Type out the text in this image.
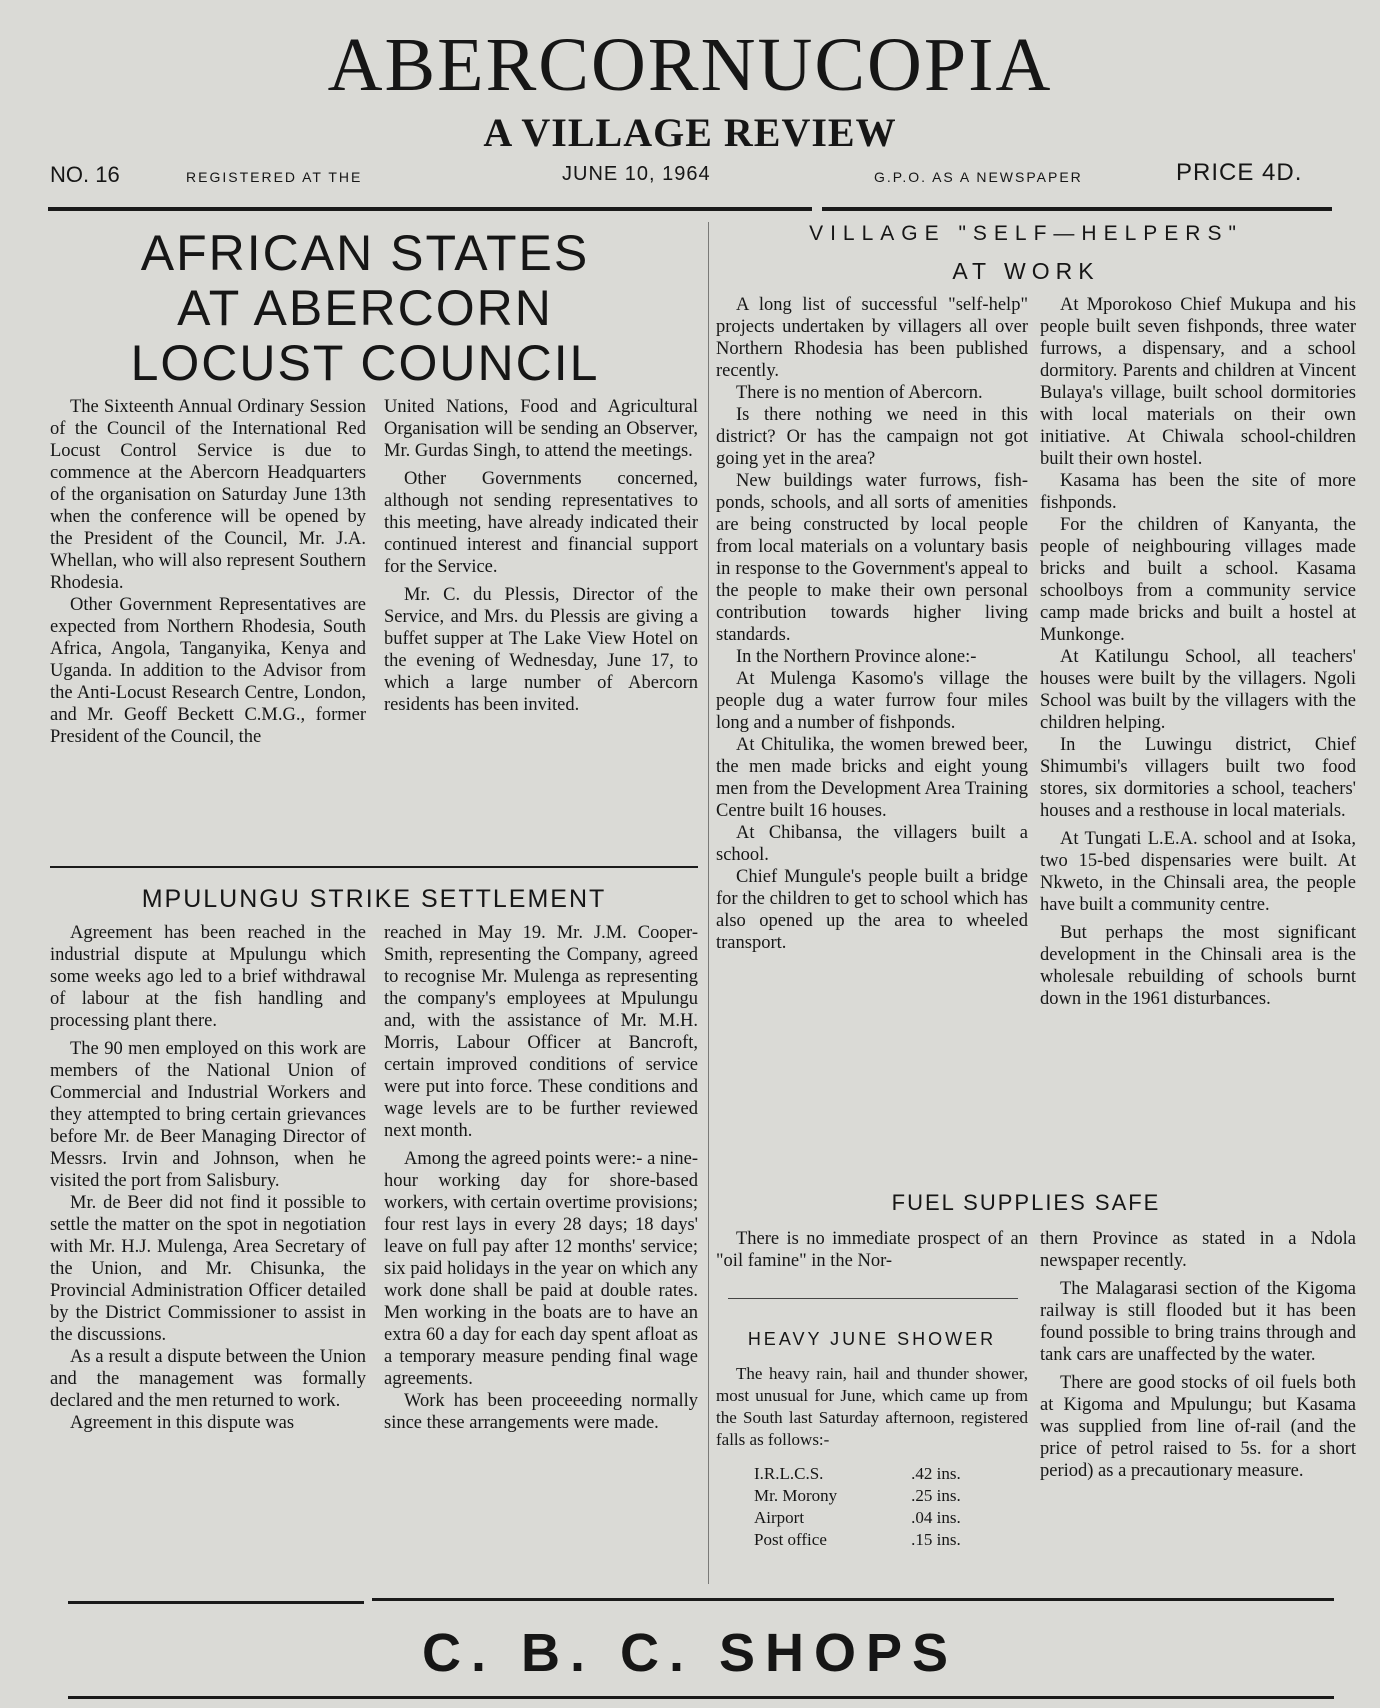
ABERCORNUCOPIA
A VILLAGE REVIEW
NO. 16	REGISTERED AT THE	JUNE 10, 1964	G.P.O. AS A NEWSPAPER	PRICE 4D.
AFRICAN STATES
AT ABERCORN
LOCUST COUNCIL

The Sixteenth Annual Ordinary Session of the Council of the International Red Locust Control Service is due to commence at the Abercorn Headquarters of the organisation on Saturday June 13th when the conference will be opened by the President of the Council, Mr. J.A. Whellan, who will also represent Southern Rhodesia.

Other Government Representatives are expected from Northern Rhodesia, South Africa, Angola, Tanganyika, Kenya and Uganda. In addition to the Advisor from the Anti-Locust Research Centre, London, and Mr. Geoff Beckett C.M.G., former President of the Council, the

United Nations, Food and Agricultural Organisation will be sending an Observer, Mr. Gurdas Singh, to attend the meetings.

Other Governments concerned, although not sending representatives to this meeting, have already indicated their continued interest and financial support for the Service.

Mr. C. du Plessis, Director of the Service, and Mrs. du Plessis are giving a buffet supper at The Lake View Hotel on the evening of Wednesday, June 17, to which a large number of Abercorn residents has been invited.

MPULUNGU STRIKE SETTLEMENT

Agreement has been reached in the industrial dispute at Mpulungu which some weeks ago led to a brief withdrawal of labour at the fish handling and processing plant there.

The 90 men employed on this work are members of the National Union of Commercial and Industrial Workers and they attempted to bring certain grievances before Mr. de Beer Managing Director of Messrs. Irvin and Johnson, when he visited the port from Salisbury.

Mr. de Beer did not find it possible to settle the matter on the spot in negotiation with Mr. H.J. Mulenga, Area Secretary of the Union, and Mr. Chisunka, the Provincial Administration Officer detailed by the District Commissioner to assist in the discussions.

As a result a dispute between the Union and the management was formally declared and the men returned to work.

Agreement in this dispute was

reached in May 19. Mr. J.M. Cooper-Smith, representing the Company, agreed to recognise Mr. Mulenga as representing the company's employees at Mpulungu and, with the assistance of Mr. M.H. Morris, Labour Officer at Bancroft, certain improved conditions of service were put into force. These conditions and wage levels are to be further reviewed next month.

Among the agreed points were:- a nine-hour working day for shore-based workers, with certain overtime provisions; four rest lays in every 28 days; 18 days' leave on full pay after 12 months' service; six paid holidays in the year on which any work done shall be paid at double rates. Men working in the boats are to have an extra 60 a day for each day spent afloat as a temporary measure pending final wage agreements.

Work has been proceeeding normally since these arrangements were made.

VILLAGE "SELF—HELPERS"
AT WORK

A long list of successful "self-help" projects undertaken by villagers all over Northern Rhodesia has been published recently.

There is no mention of Abercorn.

Is there nothing we need in this district? Or has the campaign not got going yet in the area?

New buildings water furrows, fish-ponds, schools, and all sorts of amenities are being constructed by local people from local materials on a voluntary basis in response to the Government's appeal to the people to make their own personal contribution towards higher living standards.

In the Northern Province alone:-

At Mulenga Kasomo's village the people dug a water furrow four miles long and a number of fishponds.

At Chitulika, the women brewed beer, the men made bricks and eight young men from the Development Area Training Centre built 16 houses.

At Chibansa, the villagers built a school.

Chief Mungule's people built a bridge for the children to get to school which has also opened up the area to wheeled transport.

At Mporokoso Chief Mukupa and his people built seven fishponds, three water furrows, a dispensary, and a school dormitory. Parents and children at Vincent Bulaya's village, built school dormitories with local materials on their own initiative. At Chiwala school-children built their own hostel.

Kasama has been the site of more fishponds.

For the children of Kanyanta, the people of neighbouring villages made bricks and built a school. Kasama schoolboys from a community service camp made bricks and built a hostel at Munkonge.

At Katilungu School, all teachers' houses were built by the villagers. Ngoli School was built by the villagers with the children helping.

In the Luwingu district, Chief Shimumbi's villagers built two food stores, six dormitories a school, teachers' houses and a resthouse in local materials.

At Tungati L.E.A. school and at Isoka, two 15-bed dispensaries were built. At Nkweto, in the Chinsali area, the people have built a community centre.

But perhaps the most significant development in the Chinsali area is the wholesale rebuilding of schools burnt down in the 1961 disturbances.

FUEL SUPPLIES SAFE

There is no immediate prospect of an "oil famine" in the Nor-

HEAVY JUNE SHOWER

The heavy rain, hail and thunder shower, most unusual for June, which came up from the South last Saturday afternoon, registered falls as follows:-

I.R.L.C.S.	.42 ins.
Mr. Morony	.25 ins.
Airport	.04 ins.
Post office	.15 ins.

thern Province as stated in a Ndola newspaper recently.

The Malagarasi section of the Kigoma railway is still flooded but it has been found possible to bring trains through and tank cars are unaffected by the water.

There are good stocks of oil fuels both at Kigoma and Mpulungu; but Kasama was supplied from line of-rail (and the price of petrol raised to 5s. for a short period) as a precautionary measure.

C. B. C. SHOPS
